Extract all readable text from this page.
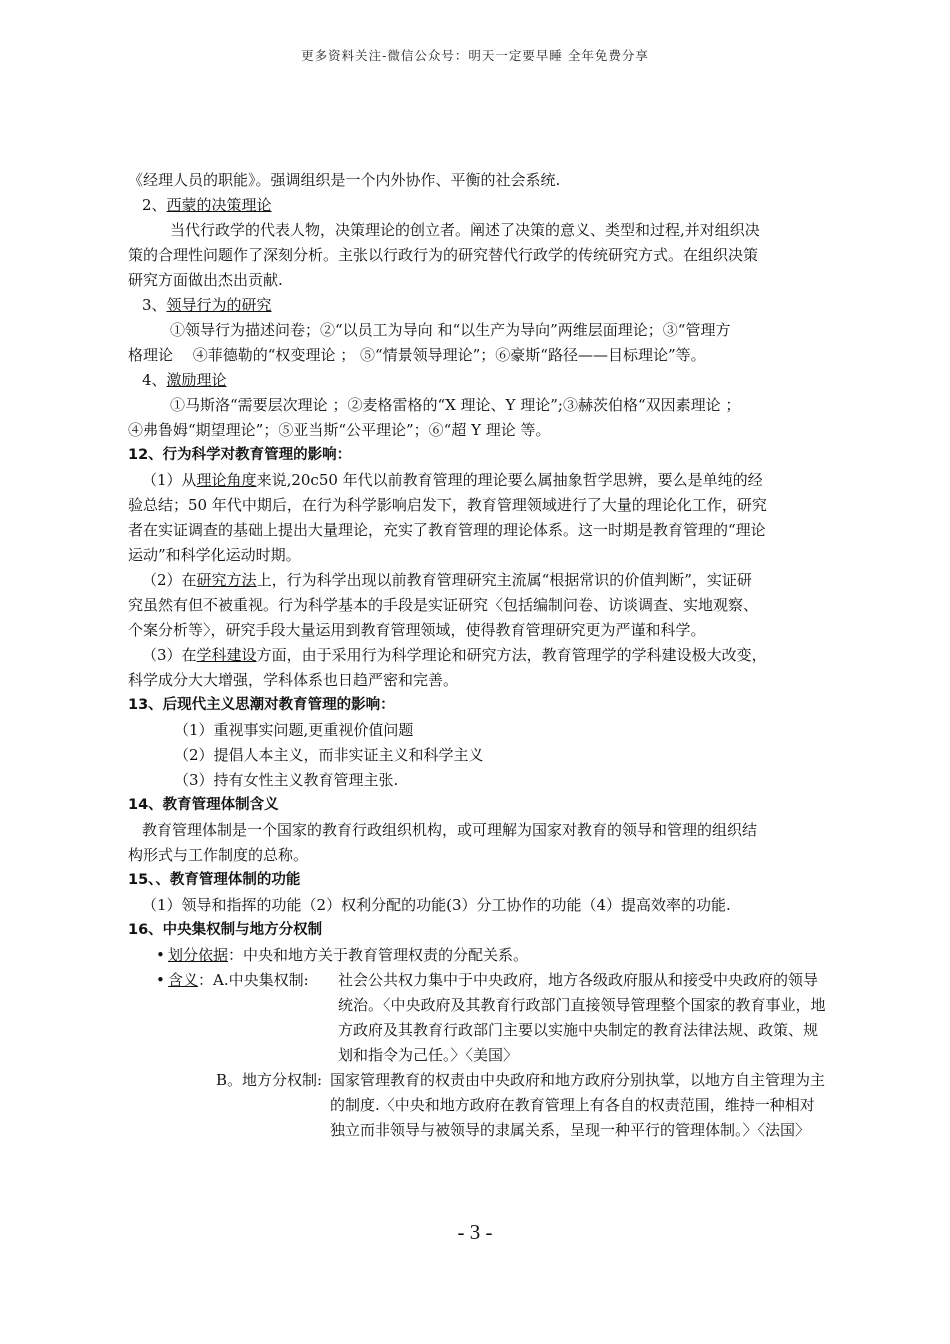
更多资料关注-微信公众号：明天一定要早睡 全年免费分享
《经理人员的职能》。强调组织是一个内外协作、平衡的社会系统.
2、西蒙的决策理论
当代行政学的代表人物，决策理论的创立者。阐述了决策的意义、类型和过程,并对组织决
策的合理性问题作了深刻分析。主张以行政行为的研究替代行政学的传统研究方式。在组织决策
研究方面做出杰出贡献.
3、领导行为的研究
①领导行为描述问卷；②“以员工为导向 和“以生产为导向”两维层面理论；③“管理方
格理论　 ④菲德勒的“权变理论 ； ⑤“情景领导理论”；⑥豪斯“路径——目标理论”等。
4、激励理论
①马斯洛“需要层次理论 ；②麦格雷格的“X 理论、Y 理论”;③赫茨伯格“双因素理论 ；
④弗鲁姆“期望理论”；⑤亚当斯“公平理论”；⑥“超 Y 理论 等。
12、行为科学对教育管理的影响：
（1）从理论角度来说,20c50 年代以前教育管理的理论要么属抽象哲学思辨，要么是单纯的经
验总结；50 年代中期后，在行为科学影响启发下，教育管理领域进行了大量的理论化工作，研究
者在实证调查的基础上提出大量理论，充实了教育管理的理论体系。这一时期是教育管理的“理论
运动”和科学化运动时期。
（2）在研究方法上，行为科学出现以前教育管理研究主流属“根据常识的价值判断”，实证研
究虽然有但不被重视。行为科学基本的手段是实证研究〈包括编制问卷、访谈调查、实地观察、
个案分析等〉，研究手段大量运用到教育管理领域，使得教育管理研究更为严谨和科学。
（3）在学科建设方面，由于采用行为科学理论和研究方法，教育管理学的学科建设极大改变，
科学成分大大增强，学科体系也日趋严密和完善。
13、后现代主义思潮对教育管理的影响：
（1）重视事实问题,更重视价值问题
（2）提倡人本主义，而非实证主义和科学主义
（3）持有女性主义教育管理主张.
14、教育管理体制含义
教育管理体制是一个国家的教育行政组织机构，或可理解为国家对教育的领导和管理的组织结
构形式与工作制度的总称。
15、、教育管理体制的功能
（1）领导和指挥的功能（2）权利分配的功能(3）分工协作的功能（4）提高效率的功能.
16、中央集权制与地方分权制
• 划分依据：中央和地方关于教育管理权责的分配关系。
• 含义：A.中央集权制:	社会公共权力集中于中央政府，地方各级政府服从和接受中央政府的领导统治。〈中央政府及其教育行政部门直接领导管理整个国家的教育事业，地方政府及其教育行政部门主要以实施中央制定的教育法律法规、政策、规划和指令为己任。〉〈美国〉
B。地方分权制: 国家管理教育的权责由中央政府和地方政府分别执掌，以地方自主管理为主的制度.〈中央和地方政府在教育管理上有各自的权责范围，维持一种相对独立而非领导与被领导的隶属关系，呈现一种平行的管理体制。〉〈法国〉
- 3 -
